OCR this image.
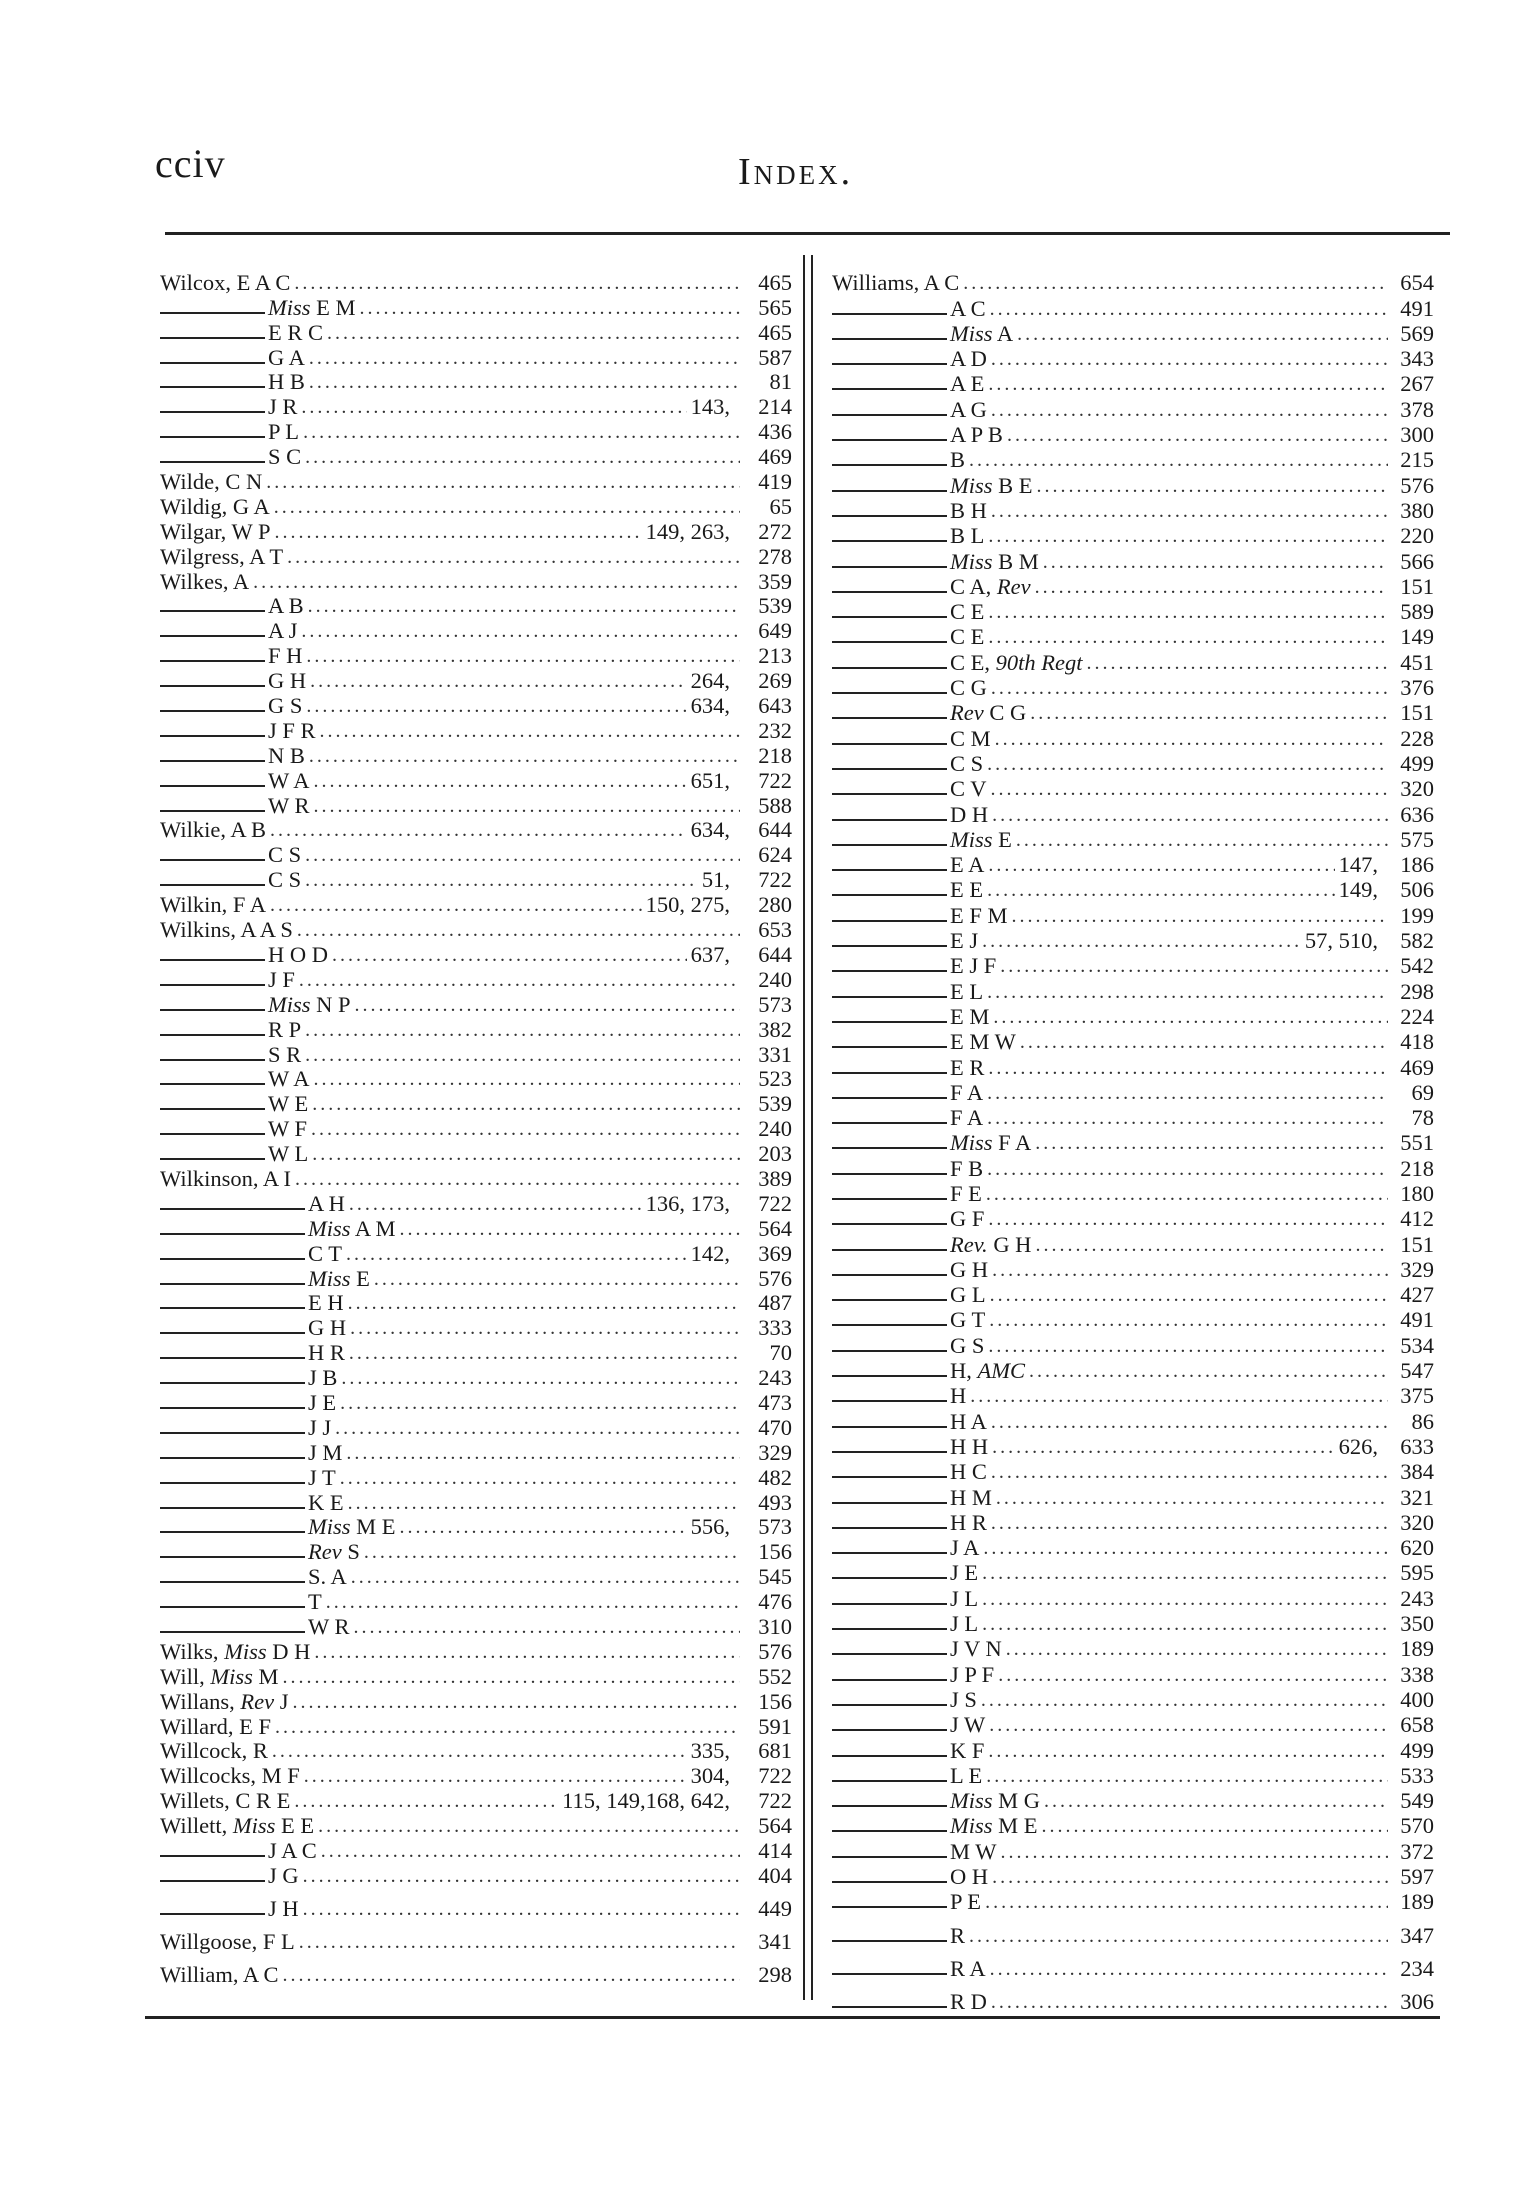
cciv	Index.
Wilcox, E A C . . .	465
Miss E M . . .	565
E R C . . .	465
G A . . .	587
H B . . .	81
J R . . .	143,	214
P L . . .	436
S C . . .	469
Wilde, C N . . .	419
Wildig, G A . . .	65
Wilgar, W P . . .	149, 263,	272
Wilgress, A T . . .	278
Wilkes, A . . .	359
A B . . .	539
A J . . .	649
F H . . .	213
G H . . .	264,	269
G S . . .	634,	643
J F R . . .	232
N B . . .	218
W A . . .	651,	722
W R . . .	588
Wilkie, A B . . .	634,	644
C S . . .	624
C S . . .	51,	722
Wilkin, F A . . .	150, 275,	280
Wilkins, A A S . . .	653
H O D . . .	637,	644
J F . . .	240
Miss N P . . .	573
R P . . .	382
S R . . .	331
W A . . .	523
W E . . .	539
W F . . .	240
W L . . .	203
Wilkinson, A I . . .	389
A H . . .	136, 173,	722
Miss A M . . .	564
C T . . .	142,	369
Miss E . . .	576
E H . . .	487
G H . . .	333
H R . . .	70
J B . . .	243
J E . . .	473
J J . . .	470
J M . . .	329
J T . . .	482
K E . . .	493
Miss M E . . .	556,	573
Rev S . . .	156
S. A . . .	545
T . . .	476
W R . . .	310
Wilks, Miss D H . . .	576
Will, Miss M . . .	552
Willans, Rev J . . .	156
Willard, E F . . .	591
Willcock, R . . .	335,	681
Willcocks, M F . . .	304,	722
Willets, C R E . . .	115, 149,168, 642,	722
Willett, Miss E E . . .	564
J A C . . .	414
J G . . .	404
J H . . .	449
Willgoose, F L . . .	341
William, A C . . .	298
Williams, A C . . .	654
A C . . .	491
Miss A . . .	569
A D . . .	343
A E . . .	267
A G . . .	378
A P B . . .	300
B . . .	215
Miss B E . . .	576
B H . . .	380
B L . . .	220
Miss B M . . .	566
C A, Rev . . .	151
C E . . .	589
C E . . .	149
C E, 90th Regt . . .	451
C G . . .	376
Rev C G . . .	151
C M . . .	228
C S . . .	499
C V . . .	320
D H . . .	636
Miss E . . .	575
E A . . .	147, 186
E E . . .	149, 506
E F M . . .	199
E J . . .	57, 510, 582
E J F . . .	542
E L . . .	298
E M . . .	224
E M W . . .	418
E R . . .	469
F A . . .	69
F A . . .	78
Miss F A . . .	551
F B . . .	218
F E . . .	180
G F . . .	412
Rev. G H . . .	151
G H . . .	329
G L . . .	427
G T . . .	491
G S . . .	534
H, AMC . . .	547
H . . .	375
H A . . .	86
H H . . .	626, 633
H C . . .	384
H M . . .	321
H R . . .	320
J A . . .	620
J E . . .	595
J L . . .	243
J L . . .	350
J V N . . .	189
J P F . . .	338
J S . . .	400
J W . . .	658
K F . . .	499
L E . . .	533
Miss M G . . .	549
Miss M E . . .	570
M W . . .	372
O H . . .	597
P E . . .	189
R . . .	347
R A . . .	234
R D . . .	306
